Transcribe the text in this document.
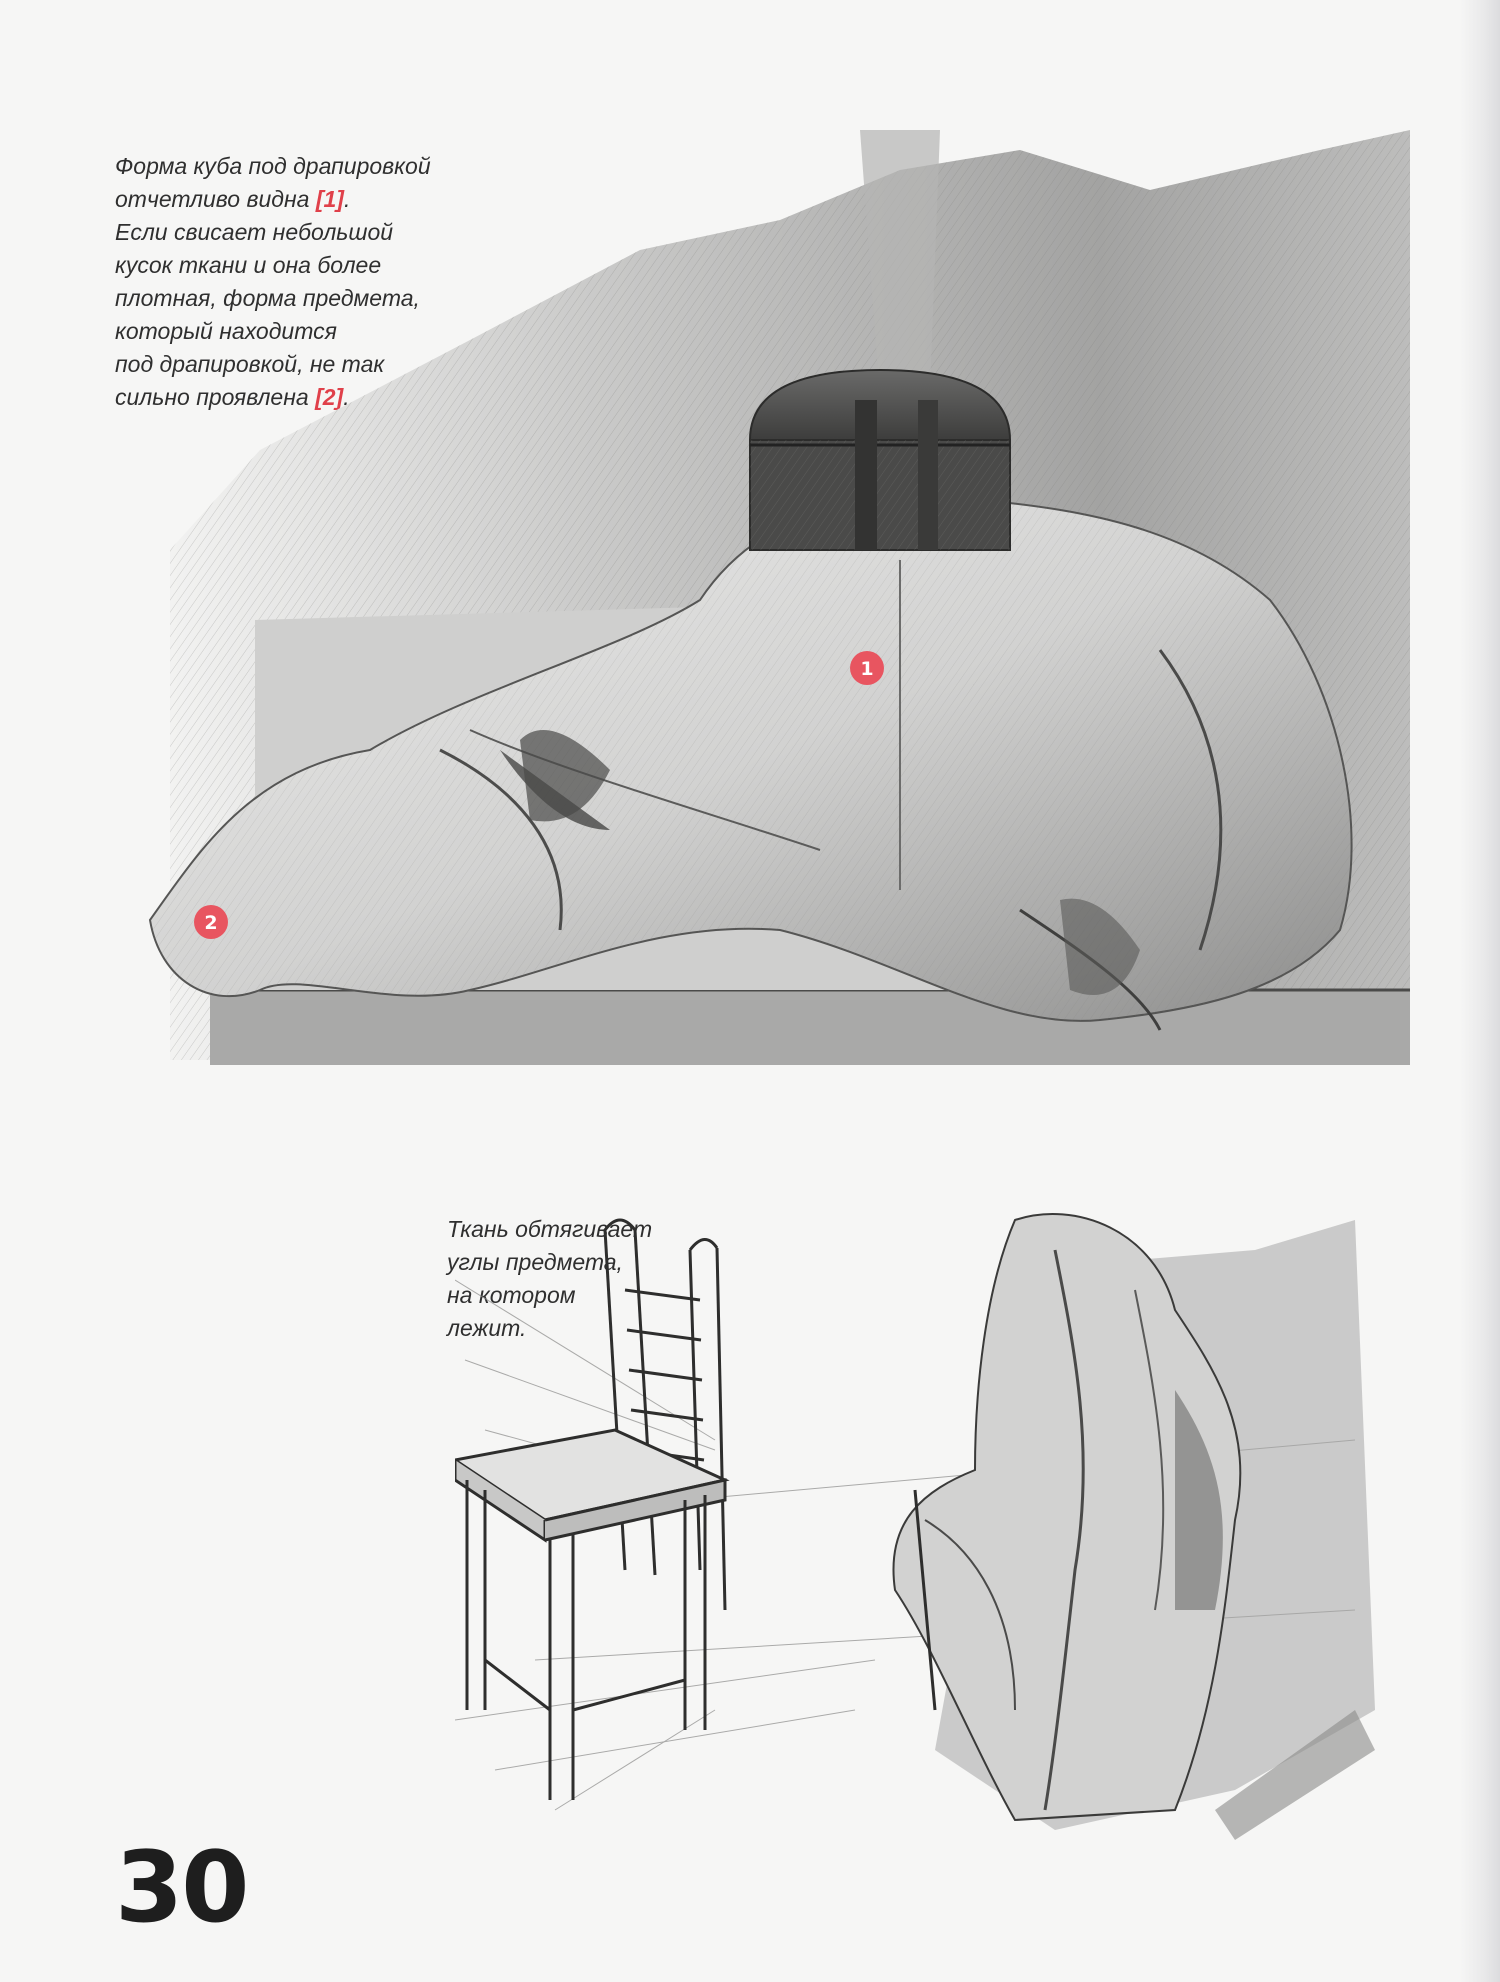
Форма куба под драпировкой
отчетливо видна [1].
Если свисает небольшой
кусок ткани и она более
плотная, форма предмета,
который находится
под драпировкой, не так
сильно проявлена [2].

1
2

Ткань обтягивает
углы предмета,
на котором
лежит.

30
